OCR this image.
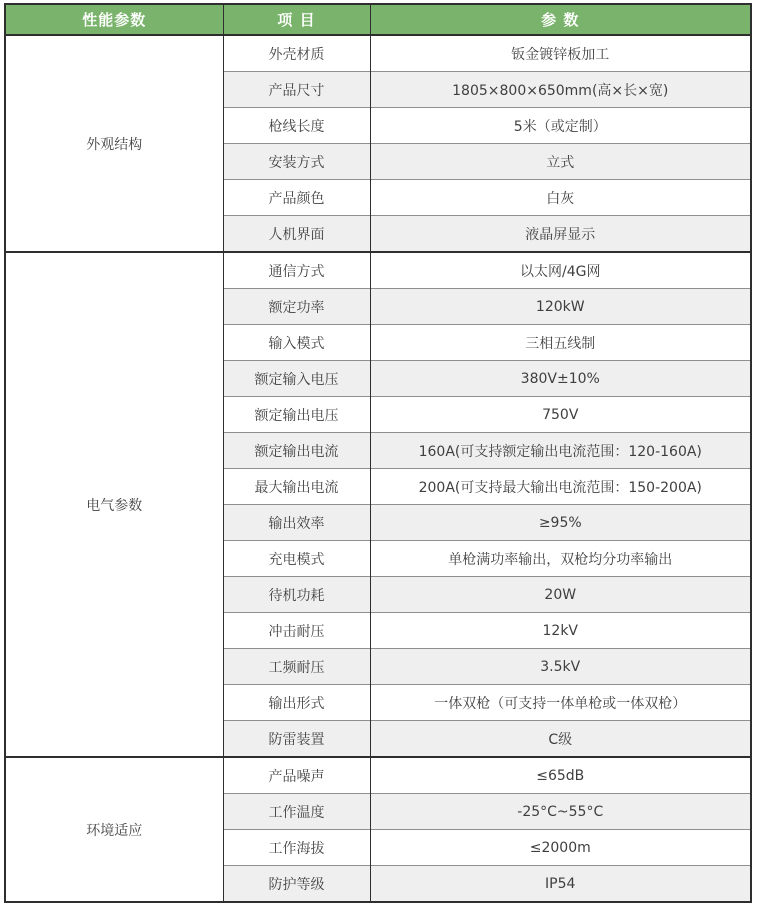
性能参数	项 目	参 数
外观结构	外壳材质	钣金镀锌板加工
	产品尺寸	1805×800×650mm(高×长×宽)
	枪线长度	5米（或定制）
	安装方式	立式
	产品颜色	白灰
	人机界面	液晶屏显示
电气参数	通信方式	以太网/4G网
	额定功率	120kW
	输入模式	三相五线制
	额定输入电压	380V±10%
	额定输出电压	750V
	额定输出电流	160A(可支持额定输出电流范围：120-160A)
	最大输出电流	200A(可支持最大输出电流范围：150-200A)
	输出效率	≥95%
	充电模式	单枪满功率输出，双枪均分功率输出
	待机功耗	20W
	冲击耐压	12kV
	工频耐压	3.5kV
	输出形式	一体双枪（可支持一体单枪或一体双枪）
	防雷装置	C级
环境适应	产品噪声	≤65dB
	工作温度	-25°C~55°C
	工作海拔	≤2000m
	防护等级	IP54
